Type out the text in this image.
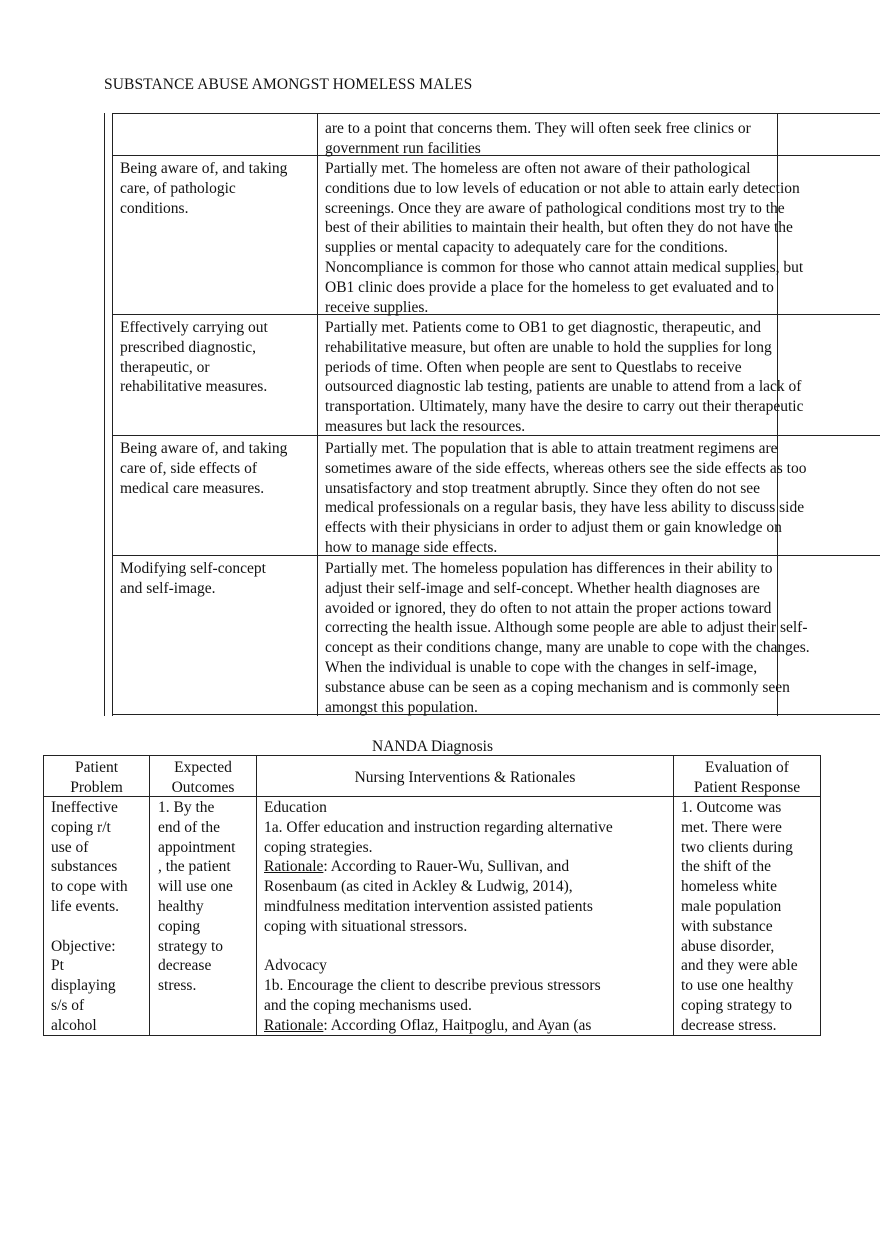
SUBSTANCE ABUSE AMONGST HOMELESS MALES
are to a point that concerns them. They will often seek free clinics or
government run facilities
Being aware of, and taking
care, of pathologic
conditions.
Partially met. The homeless are often not aware of their pathological
conditions due to low levels of education or not able to attain early detection
screenings. Once they are aware of pathological conditions most try to the
best of their abilities to maintain their health, but often they do not have the
supplies or mental capacity to adequately care for the conditions.
Noncompliance is common for those who cannot attain medical supplies, but
OB1 clinic does provide a place for the homeless to get evaluated and to
receive supplies.
Effectively carrying out
prescribed diagnostic,
therapeutic, or
rehabilitative measures.
Partially met. Patients come to OB1 to get diagnostic, therapeutic, and
rehabilitative measure, but often are unable to hold the supplies for long
periods of time. Often when people are sent to Questlabs to receive
outsourced diagnostic lab testing, patients are unable to attend from a lack of
transportation. Ultimately, many have the desire to carry out their therapeutic
measures but lack the resources.
Being aware of, and taking
care of, side effects of
medical care measures.
Partially met. The population that is able to attain treatment regimens are
sometimes aware of the side effects, whereas others see the side effects as too
unsatisfactory and stop treatment abruptly. Since they often do not see
medical professionals on a regular basis, they have less ability to discuss side
effects with their physicians in order to adjust them or gain knowledge on
how to manage side effects.
Modifying self-concept
and self-image.
Partially met. The homeless population has differences in their ability to
adjust their self-image and self-concept. Whether health diagnoses are
avoided or ignored, they do often to not attain the proper actions toward
correcting the health issue. Although some people are able to adjust their self-
concept as their conditions change, many are unable to cope with the changes.
When the individual is unable to cope with the changes in self-image,
substance abuse can be seen as a coping mechanism and is commonly seen
amongst this population.
NANDA Diagnosis
Patient
Problem
Expected
Outcomes
Nursing Interventions & Rationales
Evaluation of
Patient Response
Ineffective
coping r/t
use of
substances
to cope with
life events.
Objective:
Pt
displaying
s/s of
alcohol
1. By the
end of the
appointment
, the patient
will use one
healthy
coping
strategy to
decrease
stress.
Education
1a. Offer education and instruction regarding alternative
coping strategies.
Rationale: According to Rauer-Wu, Sullivan, and
Rosenbaum (as cited in Ackley & Ludwig, 2014),
mindfulness meditation intervention assisted patients
coping with situational stressors.
Advocacy
1b. Encourage the client to describe previous stressors
and the coping mechanisms used.
Rationale: According Oflaz, Haitpoglu, and Ayan (as
1. Outcome was
met. There were
two clients during
the shift of the
homeless white
male population
with substance
abuse disorder,
and they were able
to use one healthy
coping strategy to
decrease stress.
